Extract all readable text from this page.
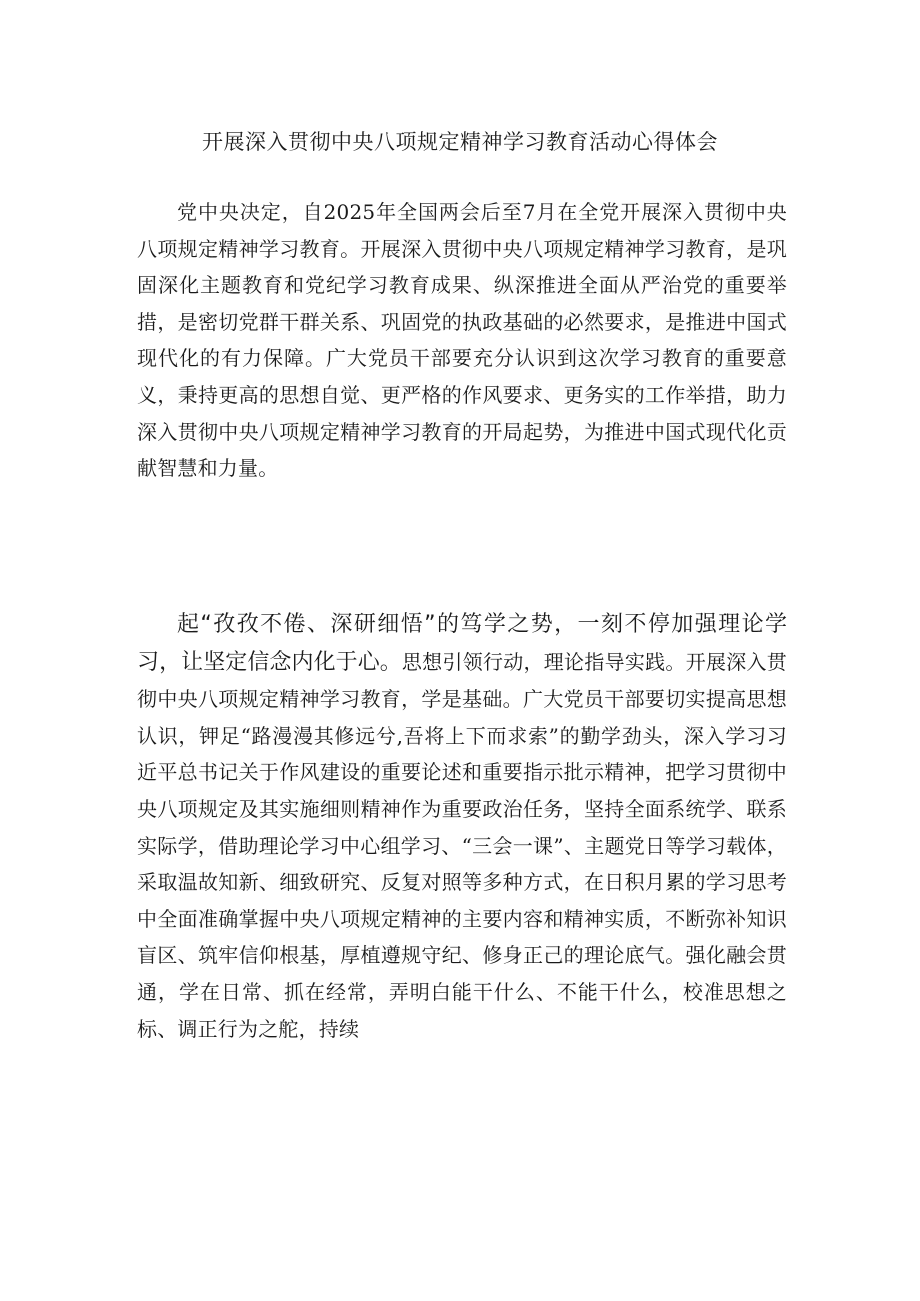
开展深入贯彻中央八项规定精神学习教育活动心得体会

党中央决定，自2025年全国两会后至7月在全党开展深入贯彻中央八项规定精神学习教育。开展深入贯彻中央八项规定精神学习教育，是巩固深化主题教育和党纪学习教育成果、纵深推进全面从严治党的重要举措，是密切党群干群关系、巩固党的执政基础的必然要求，是推进中国式现代化的有力保障。广大党员干部要充分认识到这次学习教育的重要意义，秉持更高的思想自觉、更严格的作风要求、更务实的工作举措，助力深入贯彻中央八项规定精神学习教育的开局起势，为推进中国式现代化贡献智慧和力量。

起“孜孜不倦、深研细悟”的笃学之势，一刻不停加强理论学习，让坚定信念内化于心。思想引领行动，理论指导实践。开展深入贯彻中央八项规定精神学习教育，学是基础。广大党员干部要切实提高思想认识，钾足“路漫漫其修远兮,吾将上下而求索”的勤学劲头，深入学习习近平总书记关于作风建设的重要论述和重要指示批示精神，把学习贯彻中央八项规定及其实施细则精神作为重要政治任务，坚持全面系统学、联系实际学，借助理论学习中心组学习、“三会一课”、主题党日等学习载体，采取温故知新、细致研究、反复对照等多种方式，在日积月累的学习思考中全面准确掌握中央八项规定精神的主要内容和精神实质，不断弥补知识盲区、筑牢信仰根基，厚植遵规守纪、修身正己的理论底气。强化融会贯通，学在日常、抓在经常，弄明白能干什么、不能干什么，校准思想之标、调正行为之舵，持续
